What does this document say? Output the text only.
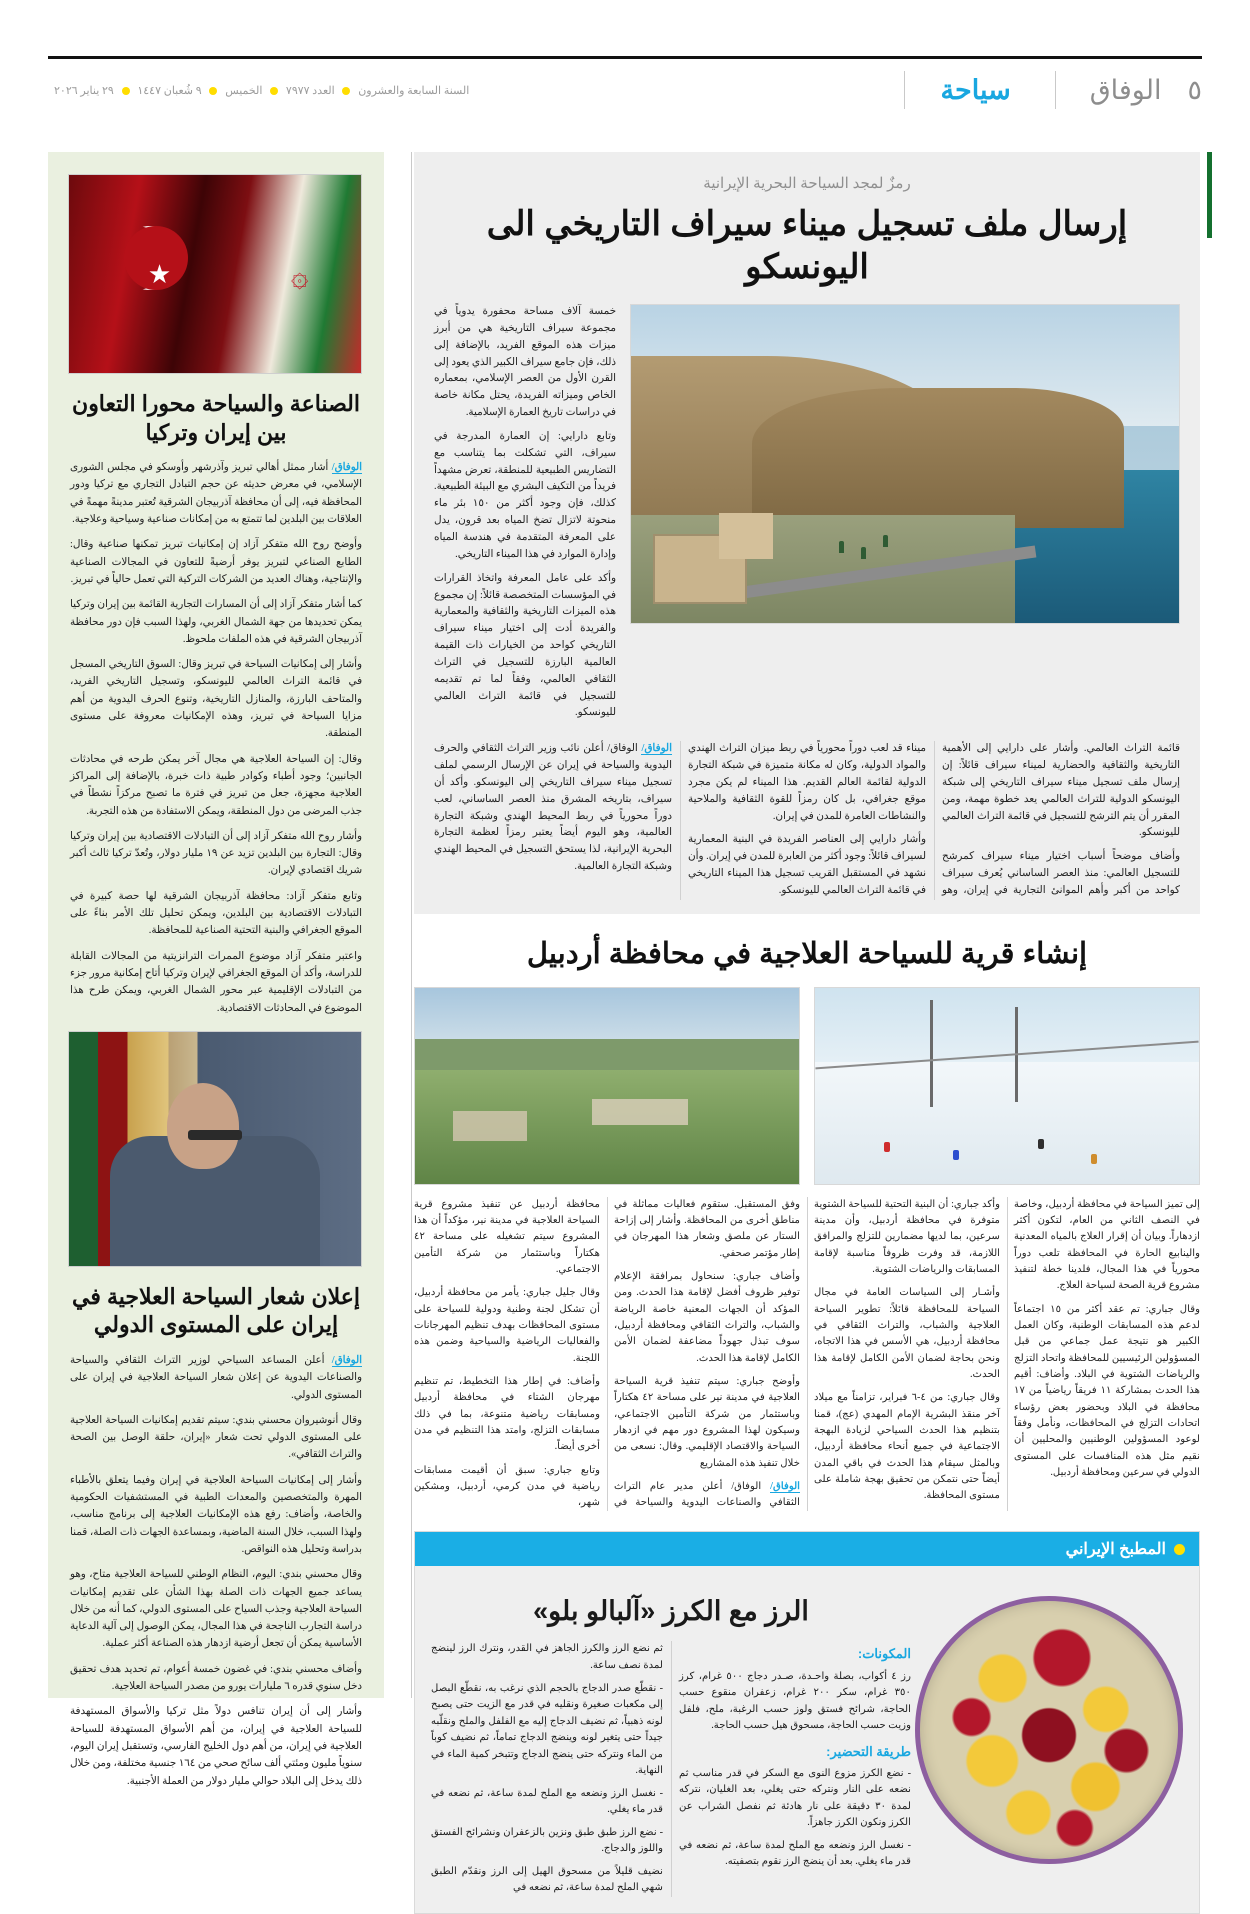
٥
الوفاق
سياحة
السنة السابعة والعشرون  العدد ٧٩٧٧  الخميس  ٩ شُعبان ١٤٤٧  ٢٩ يناير ٢٠٢٦
★	۞
الصناعة والسياحة محورا التعاون بين إيران وتركيا

الوفاق/ أشار ممثل أهالي تبريز وآذرشهر وأوسكو في مجلس الشورى الإسلامي، في معرض حديثه عن حجم التبادل التجاري مع تركيا ودور المحافظة فيه، إلى أن محافظة آذربيجان الشرقية تُعتبر مدينةً مهمةً في العلاقات بين البلدين لما تتمتع به من إمكانات صناعية وسياحية وعلاجية.

وأوضح روح الله متفكر آزاد إن إمكانيات تبريز تمكنها صناعية وقال: الطابع الصناعي لتبريز يوفر أرضيةً للتعاون في المجالات الصناعية والإنتاجية، وهناك العديد من الشركات التركية التي تعمل حالياً في تبريز.

كما أشار متفكر آزاد إلى أن المسارات التجارية القائمة بين إيران وتركيا يمكن تحديدها من جهة الشمال الغربي، ولهذا السبب فإن دور محافظة آذربيجان الشرقية في هذه الملفات ملحوظ.

وأشار إلى إمكانيات السياحة في تبريز وقال: السوق التاريخي المسجل في قائمة التراث العالمي لليونسكو، وتسجيل التاريخي الفريد، والمتاحف البارزة، والمنازل التاريخية، وتنوع الحرف اليدوية من أهم مزايا السياحة في تبريز، وهذه الإمكانيات معروفة على مستوى المنطقة.

وقال: إن السياحة العلاجية هي مجال آخر يمكن طرحه في محادثات الجانبين؛ وجود أطباء وكوادر طبية ذات خبرة، بالإضافة إلى المراكز العلاجية مجهزة، جعل من تبريز في فترة ما تصبح مركزاً نشطاً في جذب المرضى من دول المنطقة، ويمكن الاستفادة من هذه التجربة.

وأشار روح الله متفكر آزاد إلى أن التبادلات الاقتصادية بين إيران وتركيا وقال: التجارة بين البلدين تزيد عن ١٩ مليار دولار، وتُعدّ تركيا ثالث أكبر شريك اقتصادي لإيران.

وتابع متفكر آزاد: محافظة آذربيجان الشرقية لها حصة كبيرة في التبادلات الاقتصادية بين البلدين، ويمكن تحليل تلك الأمر بناءً على الموقع الجغرافي والبنية التحتية الصناعية للمحافظة.

واعتبر متفكر آزاد موضوع الممرات الترانزيتية من المجالات القابلة للدراسة، وأكد أن الموقع الجغرافي لإيران وتركيا أتاح إمكانية مرور جزء من التبادلات الإقليمية عبر محور الشمال الغربي، ويمكن طرح هذا الموضوع في المحادثات الاقتصادية.

إعلان شعار السياحة العلاجية في إيران على المستوى الدولي

الوفاق/ أعلن المساعد السياحي لوزير التراث الثقافي والسياحة والصناعات اليدوية عن إعلان شعار السياحة العلاجية في إيران على المستوى الدولي.

وقال أنوشيروان محسني بندي: سيتم تقديم إمكانيات السياحة العلاجية على المستوى الدولي تحت شعار «إيران، حلقة الوصل بين الصحة والتراث الثقافي».

وأشار إلى إمكانيات السياحة العلاجية في إيران وفيما يتعلق بالأطباء المهرة والمتخصصين والمعدات الطبية في المستشفيات الحكومية والخاصة، وأضاف: رفع هذه الإمكانيات العلاجية إلى برنامج مناسب، ولهذا السبب، خلال السنة الماضية، وبمساعدة الجهات ذات الصلة، قمنا بدراسة وتحليل هذه النواقص.

وقال محسني بندي: اليوم، النظام الوطني للسياحة العلاجية متاح، وهو يساعد جميع الجهات ذات الصلة بهذا الشأن على تقديم إمكانيات السياحة العلاجية وجذب السياح على المستوى الدولي، كما أنه من خلال دراسة التجارب الناجحة في هذا المجال، يمكن الوصول إلى آلية الدعاية الأساسية يمكن أن تجعل أرضية ازدهار هذه الصناعة أكثر عملية.

وأضاف محسني بندي: في غضون خمسة أعوام، تم تحديد هدف تحقيق دخل سنوي قدره ٦ مليارات يورو من مصدر السياحة العلاجية.

وأشار إلى أن إيران تنافس دولاً مثل تركيا والأسواق المستهدفة للسياحة العلاجية في إيران، من أهم الأسواق المستهدفة للسياحة العلاجية في إيران، من أهم دول الخليج الفارسي، وتستقبل إيران اليوم، سنوياً مليون ومئتي ألف سائح صحي من ١٦٤ جنسية مختلفة، ومن خلال ذلك يدخل إلى البلاد حوالي مليار دولار من العملة الأجنبية.

رمزٌ لمجد السياحة البحرية الإيرانية
إرسال ملف تسجيل ميناء سيراف التاريخي الى اليونسكو

خمسة آلاف مساحة محفورة يدوياً في مجموعة سيراف التاريخية هي من أبرز ميزات هذه الموقع الفريد، بالإضافة إلى ذلك، فإن جامع سيراف الكبير الذي يعود إلى القرن الأول من العصر الإسلامي، بمعماره الخاص وميزاته الفريدة، يحتل مكانة خاصة في دراسات تاريخ العمارة الإسلامية.

وتابع دارايي: إن العمارة المدرجة في سيراف، التي تشكلت بما يتناسب مع التضاريس الطبيعية للمنطقة، تعرض مشهداً فريداً من التكيف البشري مع البيئة الطبيعية. كذلك، فإن وجود أكثر من ١٥٠ بئر ماء منحوتة لاتزال تضخ المياه بعد قرون، يدل على المعرفة المتقدمة في هندسة المياه وإدارة الموارد في هذا الميناء التاريخي.

وأكد على عامل المعرفة واتخاذ القرارات في المؤسسات المتخصصة قائلاً: إن مجموع هذه الميزات التاريخية والثقافية والمعمارية والفريدة أدت إلى اختيار ميناء سيراف التاريخي كواحد من الخيارات ذات القيمة العالمية البارزة للتسجيل في التراث الثقافي العالمي، وفقاً لما تم تقديمه للتسجيل في قائمة التراث العالمي لليونسكو.

قائمة التراث العالمي. وأشار على دارايي إلى الأهمية التاريخية والثقافية والحضارية لميناء سيراف قائلاً: إن إرسال ملف تسجيل ميناء سيراف التاريخي إلى شبكة اليونسكو الدولية للتراث العالمي يعد خطوة مهمة، ومن المقرر أن يتم الترشح للتسجيل في قائمة التراث العالمي لليونسكو.

وأضاف موضحاً أسباب اختيار ميناء سيراف كمرشح للتسجيل العالمي: منذ العصر الساساني يُعرف سيراف كواحد من أكبر وأهم الموانئ التجارية في إيران، وهو ميناء قد لعب دوراً محورياً في ربط ميزان التراث الهندي والمواد الدولية، وكان له مكانة متميزة في شبكة التجارة الدولية لقائمة العالم القديم. هذا الميناء لم يكن مجرد موقع جغرافي، بل كان رمزاً للقوة الثقافية والملاحية والنشاطات العامرة للمدن في إيران.

وأشار دارايي إلى العناصر الفريدة في البنية المعمارية لسيراف قائلاً: وجود أكثر من العابرة للمدن في إيران. وأن نشهد في المستقبل القريب تسجيل هذا الميناء التاريخي في قائمة التراث العالمي لليونسكو.

الوفاق/ الوفاق/ أعلن نائب وزير التراث الثقافي والحرف اليدوية والسياحة في إيران عن الإرسال الرسمي لملف تسجيل ميناء سيراف التاريخي إلى اليونسكو. وأكد أن سيراف، بتاريخه المشرق منذ العصر الساساني، لعب دوراً محورياً في ربط المحيط الهندي وشبكة التجارة العالمية، وهو اليوم أيضاً يعتبر رمزاً لعظمة التجارة البحرية الإيرانية، لذا يستحق التسجيل في المحيط الهندي وشبكة التجارة العالمية.

إنشاء قرية للسياحة العلاجية في محافظة أردبيل

إلى تميز السياحة في محافظة أردبيل، وخاصة في النصف الثاني من العام، لتكون أكثر ازدهاراً. وبيان أن إقرار العلاج بالمياه المعدنية والينابيع الحارة في المحافظة تلعب دوراً محورياً في هذا المجال، فلدينا خطة لتنفيذ مشروع قرية الصحة لسياحة العلاج.

وقال جباري: تم عقد أكثر من ١٥ اجتماعاً لدعم هذه المسابقات الوطنية، وكان العمل الكبير هو نتيجة عمل جماعي من قبل المسؤولين الرئيسيين للمحافظة واتحاد التزلج والرياضات الشتوية في البلاد. وأضاف: أقيم هذا الحدث بمشاركة ١١ فريقاً رياضياً من ١٧ محافظة في البلاد وبحضور بعض رؤساء اتحادات التزلج في المحافظات، ونأمل وفقاً لوعود المسؤولين الوطنيين والمحليين أن نقيم مثل هذه المنافسات على المستوى الدولي في سرعين ومحافظة أردبيل.

وأكد جباري: أن البنية التحتية للسياحة الشتوية متوفرة في محافظة أردبيل، وأن مدينة سرعين، بما لديها مضمارين للتزلج والمرافق اللازمة، قد وفرت ظروفاً مناسبة لإقامة المسابقات والرياضات الشتوية.

وأشـار إلى السياسات العامة في مجال السياحة للمحافظة قائلاً: تطوير السياحة العلاجية والشباب، والتراث الثقافي في محافظة أردبيل، هي الأسس في هذا الاتجاه، ونحن بحاجة لضمان الأمن الكامل لإقامة هذا الحدث.

وقال جباري: من ٤-٦ فبراير، تزامناً مع ميلاد آخر منقذ البشرية الإمام المهدي (عج)، قمنا بتنظيم هذا الحدث السياحي لزيادة البهجة الاجتماعية في جميع أنحاء محافظة أردبيل، وبالمثل سيقام هذا الحدث في باقي المدن أيضاً حتى نتمكن من تحقيق بهجة شاملة على مستوى المحافظة.

وفق المستقبل. ستقوم فعاليات مماثلة في مناطق أخرى من المحافظة. وأشار إلى إزاحة الستار عن ملصق وشعار هذا المهرجان في إطار مؤتمر صحفي.

وأضاف جباري: سنحاول بمرافقة الإعلام توفير ظروف أفضل لإقامة هذا الحدث. ومن المؤكد أن الجهات المعنية خاصة الرياضة والشباب، والتراث الثقافي ومحافظة أردبيل، سوف تبذل جهوداً مضاعفة لضمان الأمن الكامل لإقامة هذا الحدث.

وأوضح جباري: سيتم تنفيذ قرية السياحة العلاجية في مدينة نير على مساحة ٤٢ هكتاراً وباستثمار من شركة التأمين الاجتماعي، وسيكون لهذا المشروع دور مهم في ازدهار السياحة والاقتصاد الإقليمي. وقال: نسعى من خلال تنفيذ هذه المشاريع

الوفاق/ الوفاق/ أعلن مدير عام التراث الثقافي والصناعات اليدوية والسياحة في محافظة أردبيل عن تنفيذ مشروع قرية السياحة العلاجية في مدينة نير، مؤكداً أن هذا المشروع سيتم تشغيله على مساحة ٤٢ هكتاراً وباستثمار من شركة التأمين الاجتماعي.

وقال جليل جباري: يأمر من محافظة أردبيل، أن تشكل لجنة وطنية ودولية للسياحة على مستوى المحافظات بهدف تنظيم المهرجانات والفعاليات الرياضية والسياحية وضمن هذه اللجنة.

وأضاف: في إطار هذا التخطيط، تم تنظيم مهرجان الشتاء في محافظة أردبيل ومسابقات رياضية متنوعة، بما في ذلك مسابقات التزلج، وامتد هذا التنظيم في مدن أخرى أيضاً.

وتابع جباري: سبق أن أقيمت مسابقات رياضية في مدن كرمي، أردبيل، ومشكين شهر،

المطبخ الإيراني
الرز مع الكرز «آلبالو بلو»
المكونات:

رز ٤ أكواب، بصلة واحـدة، صـدر دجاج ٥٠٠ غرام، كرز ٣٥٠ غرام، سكر ٢٠٠ غرام، زعفران منقوع حسب الحاجة، شرائح فستق ولوز حسب الرغبة، ملح، فلفل وزيت حسب الحاجة، مسحوق هيل حسب الحاجة.

طريقة التحضير:

- نضع الكرز مزوع النوى مع السكر في قدر مناسب ثم نضعه على النار ونتركه حتى يغلي، بعد الغليان، نتركه لمدة ٣٠ دقيقة على نار هادئة ثم نفصل الشراب عن الكرز ونكون الكرز جاهزاً.

- نغسل الرز ونضعه مع الملح لمدة ساعة، ثم نضعه في قدر ماء يغلي. بعد أن ينضج الرز نقوم بتصفيته.

ثم نضع الرز والكرز الجاهز في القدر، ونترك الرز لينضج لمدة نصف ساعة.

- نقطّع صدر الدجاج بالحجم الذي نرغب به، نقطّع البصل إلى مكعبات صغيرة ونقليه في قدر مع الزيت حتى يصبح لونه ذهبياً، ثم نضيف الدجاج إليه مع الفلفل والملح ونقلّبه جيداً حتى يتغير لونه وينضج الدجاج تماماً، ثم نضيف كوباً من الماء ونتركه حتى ينضج الدجاج وتتبخر كمية الماء في النهاية.

- نغسل الرز ونضعه مع الملح لمدة ساعة، ثم نضعه في قدر ماء يغلي.

- نضع الرز طبق طبق ونزين بالزعفران ونشرائح الفستق واللوز والدجاج.

نضيف قليلاً من مسحوق الهيل إلى الرز ونقدّم الطبق شهي الملح لمدة ساعة، ثم نضعه في
